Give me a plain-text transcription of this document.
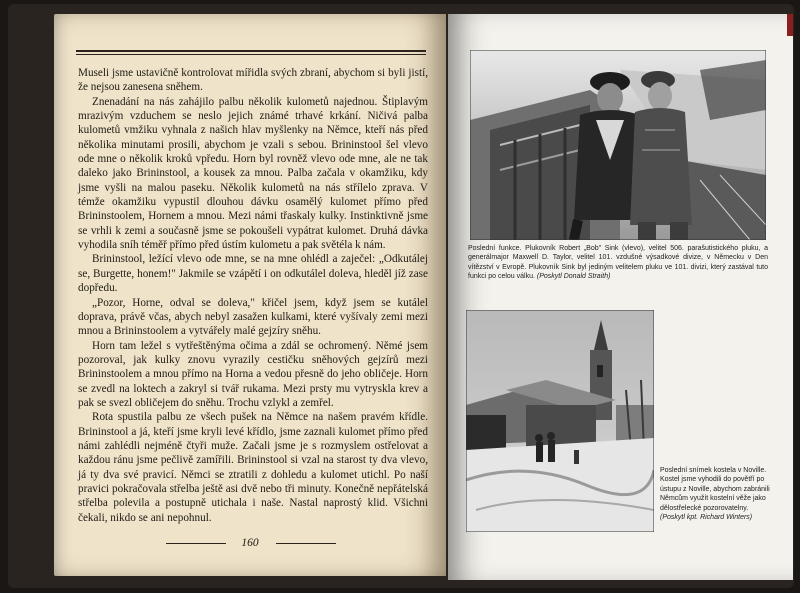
Museli jsme ustavičně kontrolovat mířidla svých zbraní, abychom si byli jistí, že nejsou zanesena sněhem.

Znenadání na nás zahájilo palbu několik kulometů najednou. Štiplavým mrazivým vzduchem se neslo jejich známé trhavé krkání. Ničivá palba kulometů vmžiku vyhnala z našich hlav myšlenky na Němce, kteří nás před několika minutami prosili, abychom je vzali s sebou. Brininstool šel vlevo ode mne o několik kroků vpředu. Horn byl rovněž vlevo ode mne, ale ne tak daleko jako Brininstool, a kousek za mnou. Palba začala v okamžiku, kdy jsme vyšli na malou paseku. Několik kulometů na nás střílelo zprava. V témže okamžiku vypustil dlouhou dávku osamělý kulomet přímo před Brininstoolem, Hornem a mnou. Mezi námi třaskaly kulky. Instinktivně jsme se vrhli k zemi a současně jsme se pokoušeli vypátrat kulomet. Druhá dávka vyhodila sníh téměř přímo před ústím kulometu a pak světéla k nám.

Brininstool, ležící vlevo ode mne, se na mne ohlédl a zaječel: „Odkutálej se, Burgette, honem!" Jakmile se vzápětí i on odkutálel doleva, hleděl jíž zase dopředu.

„Pozor, Horne, odval se doleva," křičel jsem, když jsem se kutálel doprava, právě včas, abych nebyl zasažen kulkami, které vyšívaly zemi mezi mnou a Brininstoolem a vytvářely malé gejzíry sněhu.

Horn tam ležel s vytřeštěnýma očima a zdál se ochromený. Němé jsem pozoroval, jak kulky znovu vyrazily cestičku sněhových gejzírů mezi Brininstoolem a mnou přímo na Horna a vedou přesně do jeho obličeje. Horn se zvedl na loktech a zakryl si tvář rukama. Mezi prsty mu vytryskla krev a pak se svezl obličejem do sněhu. Trochu vzlykl a zemřel.

Rota spustila palbu ze všech pušek na Němce na našem pravém křídle. Brininstool a já, kteří jsme kryli levé křídlo, jsme zaznali kulomet přímo před námi zahlédli nejméně čtyři muže. Začali jsme je s rozmyslem ostřelovat a každou ránu jsme pečlivě zamířili. Brininstool si vzal na starost ty dva vlevo, já ty dva své pravicí. Němci se ztratili z dohledu a kulomet utichl. Po naší pravici pokračovala střelba ještě asi dvě nebo tři minuty. Konečně nepřátelská střelba polevila a postupně utichala i naše. Nastal naprostý klid. Všichni čekali, nikdo se ani nepohnul.

160
Poslední funkce. Plukovník Robert „Bob" Sink (vlevo), velitel 506. parašutistického pluku, a generálmajor Maxwell D. Taylor, velitel 101. vzdušné výsadkové divize, v Německu v Den vítězství v Evropě. Plukovník Sink byl jediným velitelem pluku ve 101. divizi, který zastával tuto funkci po celou válku. (Poskytl Donald Straith)
Poslední snímek kostela v Noville. Kostel jsme vyhodili do povětří po ústupu z Noville, abychom zabránili Němcům využít kostelní věže jako dělostřelecké pozorovatelny. (Poskytl kpt. Richard Winters)
